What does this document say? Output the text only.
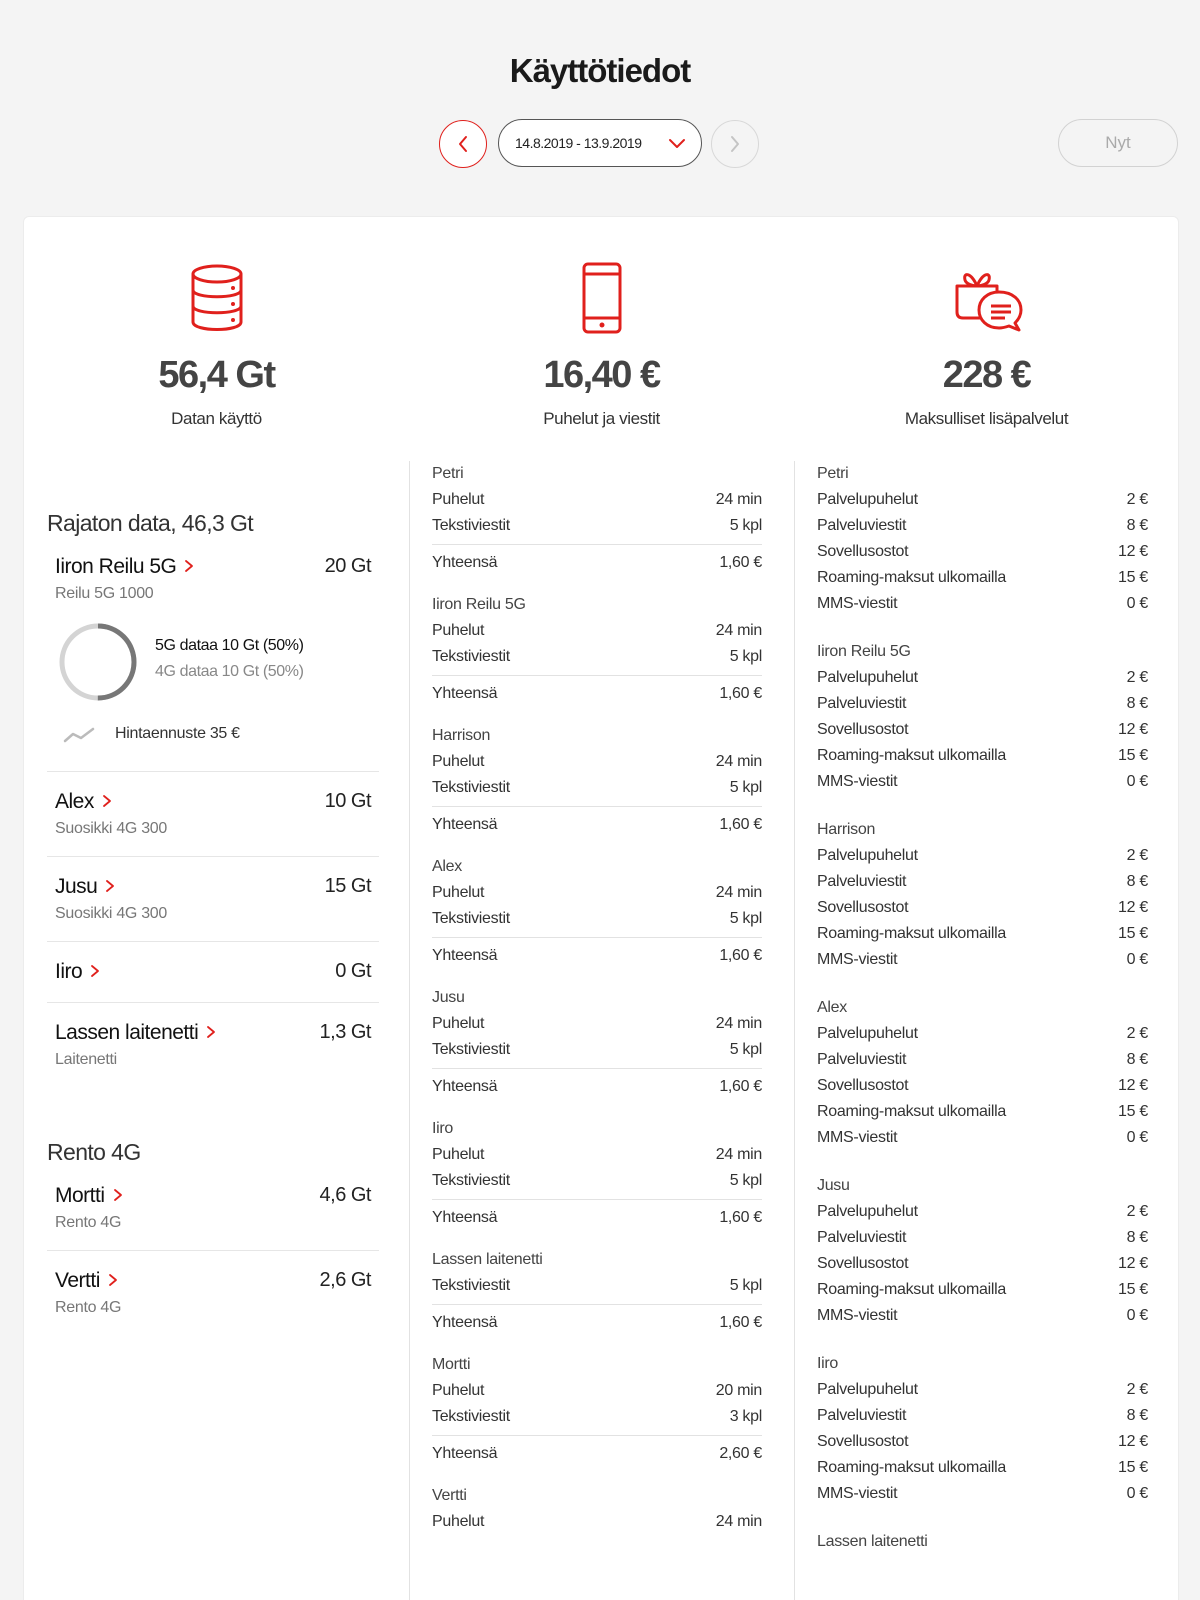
Käyttötiedot
14.8.2019 - 13.9.2019	Nyt
56,4 Gt
Datan käyttö
16,40 €
Puhelut ja viestit
228 €
Maksulliset lisäpalvelut
Rajaton data, 46,3 Gt
Iiron Reilu 5G	20 Gt
Reilu 5G 1000
5G dataa 10 Gt (50%)
4G dataa 10 Gt (50%)
Hintaennuste 35 €
Alex	10 Gt
Suosikki 4G 300
Jusu	15 Gt
Suosikki 4G 300
Iiro	0 Gt
Lassen laitenetti	1,3 Gt
Laitenetti
Rento 4G
Mortti	4,6 Gt
Rento 4G
Vertti	2,6 Gt
Rento 4G
Petri
Puhelut	24 min
Tekstiviestit	5 kpl
Yhteensä	1,60 €
Iiron Reilu 5G
Puhelut	24 min
Tekstiviestit	5 kpl
Yhteensä	1,60 €
Harrison
Puhelut	24 min
Tekstiviestit	5 kpl
Yhteensä	1,60 €
Alex
Puhelut	24 min
Tekstiviestit	5 kpl
Yhteensä	1,60 €
Jusu
Puhelut	24 min
Tekstiviestit	5 kpl
Yhteensä	1,60 €
Iiro
Puhelut	24 min
Tekstiviestit	5 kpl
Yhteensä	1,60 €
Lassen laitenetti
Tekstiviestit	5 kpl
Yhteensä	1,60 €
Mortti
Puhelut	20 min
Tekstiviestit	3 kpl
Yhteensä	2,60 €
Vertti
Puhelut	24 min
Petri
Palvelupuhelut	2 €
Palveluviestit	8 €
Sovellusostot	12 €
Roaming-maksut ulkomailla	15 €
MMS-viestit	0 €
Iiron Reilu 5G
Palvelupuhelut	2 €
Palveluviestit	8 €
Sovellusostot	12 €
Roaming-maksut ulkomailla	15 €
MMS-viestit	0 €
Harrison
Palvelupuhelut	2 €
Palveluviestit	8 €
Sovellusostot	12 €
Roaming-maksut ulkomailla	15 €
MMS-viestit	0 €
Alex
Palvelupuhelut	2 €
Palveluviestit	8 €
Sovellusostot	12 €
Roaming-maksut ulkomailla	15 €
MMS-viestit	0 €
Jusu
Palvelupuhelut	2 €
Palveluviestit	8 €
Sovellusostot	12 €
Roaming-maksut ulkomailla	15 €
MMS-viestit	0 €
Iiro
Palvelupuhelut	2 €
Palveluviestit	8 €
Sovellusostot	12 €
Roaming-maksut ulkomailla	15 €
MMS-viestit	0 €
Lassen laitenetti
